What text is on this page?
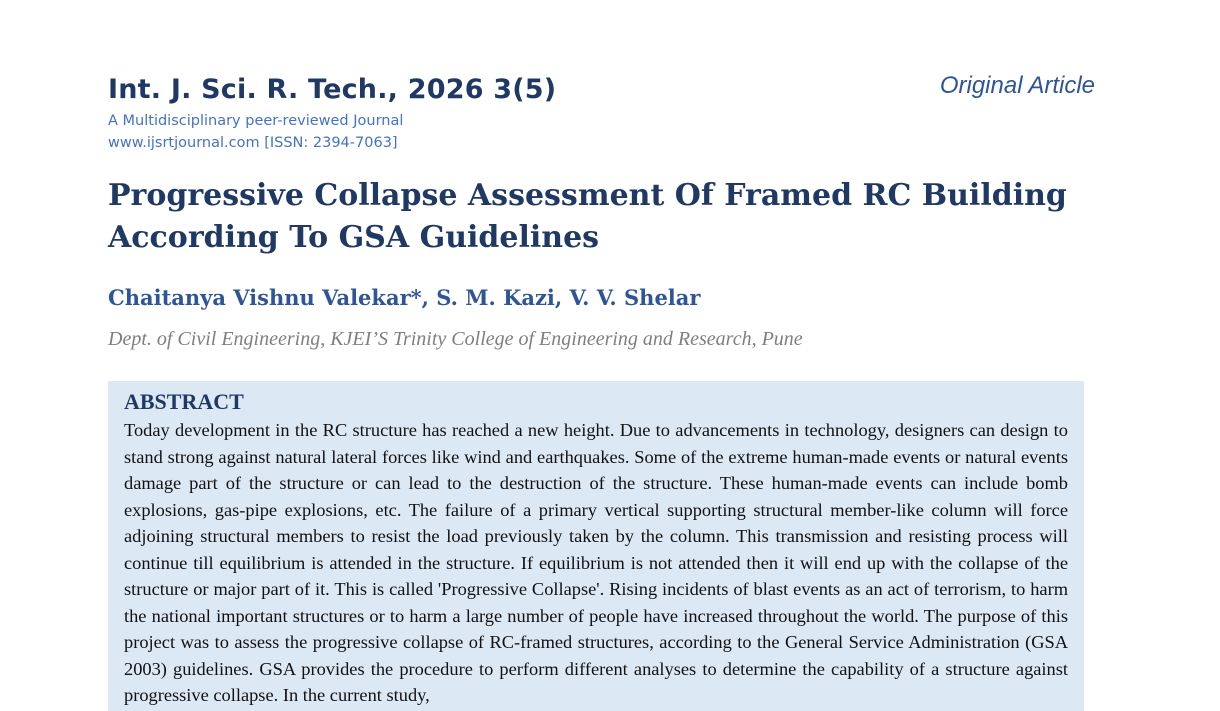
Int. J. Sci. R. Tech., 2026 3(5)
A Multidisciplinary peer-reviewed Journal
www.ijsrtjournal.com [ISSN: 2394-7063]
Original Article
Progressive Collapse Assessment Of Framed RC Building According To GSA Guidelines
Chaitanya Vishnu Valekar*, S. M. Kazi, V. V. Shelar
Dept. of Civil Engineering, KJEI’S Trinity College of Engineering and Research, Pune
ABSTRACT

Today development in the RC structure has reached a new height. Due to advancements in technology, designers can design to stand strong against natural lateral forces like wind and earthquakes. Some of the extreme human-made events or natural events damage part of the structure or can lead to the destruction of the structure. These human-made events can include bomb explosions, gas-pipe explosions, etc. The failure of a primary vertical supporting structural member-like column will force adjoining structural members to resist the load previously taken by the column. This transmission and resisting process will continue till equilibrium is attended in the structure. If equilibrium is not attended then it will end up with the collapse of the structure or major part of it. This is called 'Progressive Collapse'. Rising incidents of blast events as an act of terrorism, to harm the national important structures or to harm a large number of people have increased throughout the world. The purpose of this project was to assess the progressive collapse of RC-framed structures, according to the General Service Administration (GSA 2003) guidelines. GSA provides the procedure to perform different analyses to determine the capability of a structure against progressive collapse. In the current study,
